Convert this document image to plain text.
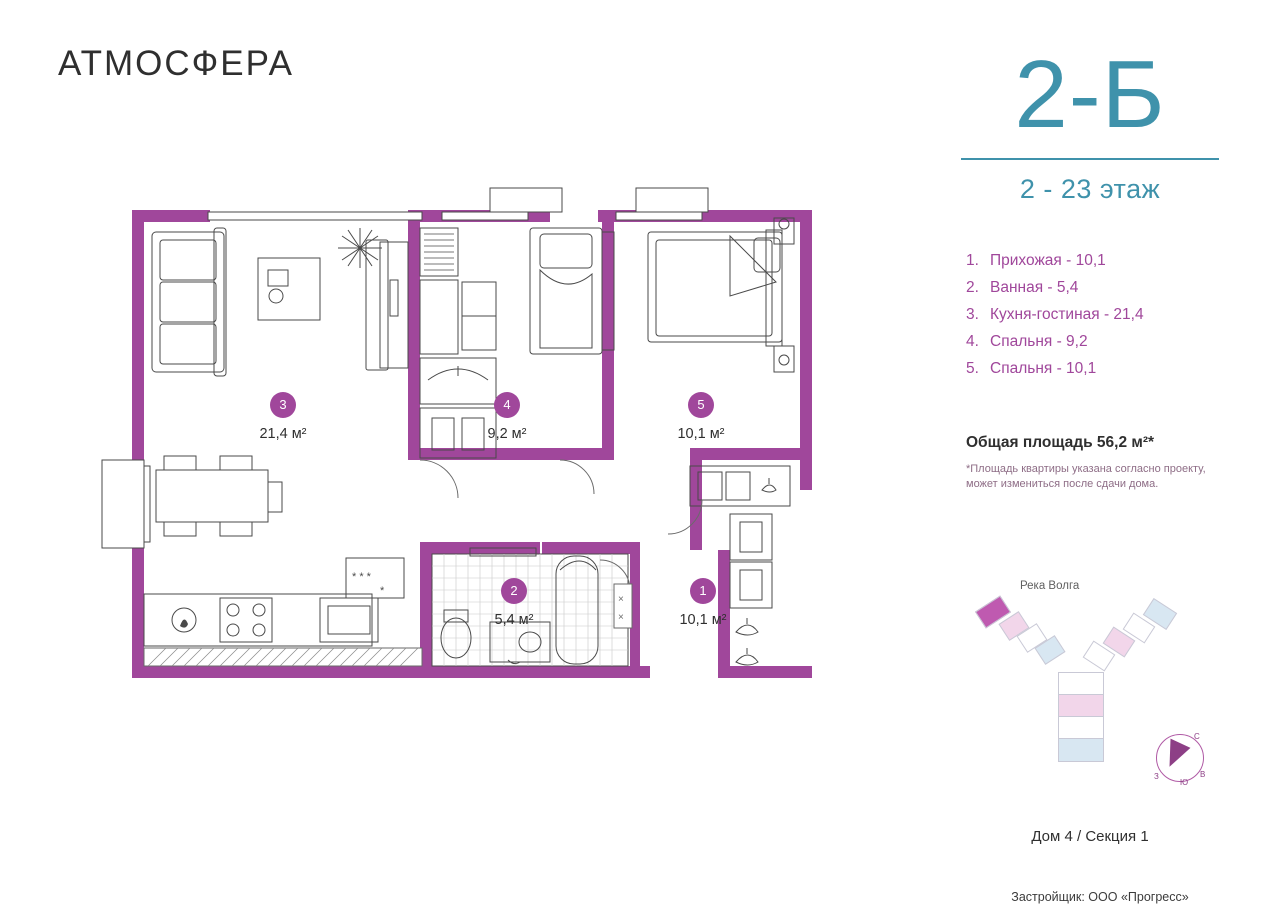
АТМОСФЕРА
* * *
*
×
×
3
21,4 м²
4
9,2 м²
5
10,1 м²
2
5,4 м²
1
10,1 м²
2-Б
2 - 23 этаж
1. Прихожая - 10,1
2. Ванная - 5,4
3. Кухня-гостиная - 21,4
4. Спальня - 9,2
5. Спальня - 10,1
Общая площадь 56,2 м²*
*Площадь квартиры указана согласно проекту, может измениться после сдачи дома.
Река Волга
С
В
Ю
З
Дом 4 / Секция 1
Застройщик: ООО «Прогресс»
